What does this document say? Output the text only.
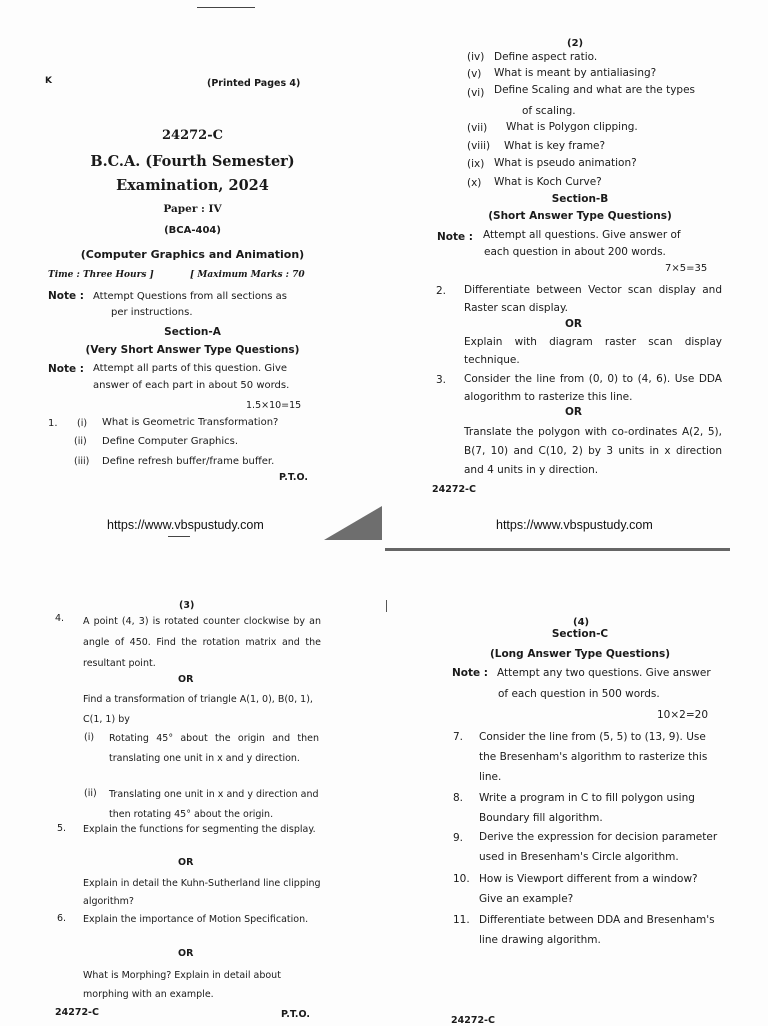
K	(Printed Pages 4)
24272-C
B.C.A. (Fourth Semester)
Examination, 2024
Paper : IV
(BCA-404)
(Computer Graphics and Animation)
Time : Three Hours ]	[ Maximum Marks : 70
Note : Attempt Questions from all sections as
per instructions.
Section-A
(Very Short Answer Type Questions)
Note : Attempt all parts of this question. Give
answer of each part in about 50 words.
1.5×10=15
1. (i) What is Geometric Transformation?
(ii) Define Computer Graphics.
(iii) Define refresh buffer/frame buffer.
P.T.O.
https://www.vbspustudy.com
(2)
(iv) Define aspect ratio.
(v) What is meant by antialiasing?
(vi) Define Scaling and what are the types
of scaling.
(vii) What is Polygon clipping.
(viii) What is key frame?
(ix) What is pseudo animation?
(x) What is Koch Curve?
Section-B
(Short Answer Type Questions)
Note : Attempt all questions. Give answer of
each question in about 200 words.
7×5=35
2. Differentiate between Vector scan display and Raster scan display.
OR
Explain with diagram raster scan display technique.
3. Consider the line from (0, 0) to (4, 6). Use DDA alogorithm to rasterize this line.
OR
Translate the polygon with co-ordinates A(2, 5), B(7, 10) and C(10, 2) by 3 units in x direction and 4 units in y direction.
24272-C
https://www.vbspustudy.com
(3)
4. A point (4, 3) is rotated counter clockwise by an angle of 450. Find the rotation matrix and the resultant point.
OR
Find a transformation of triangle A(1, 0), B(0, 1), C(1, 1) by
(i) Rotating 45° about the origin and then translating one unit in x and y direction.
(ii) Translating one unit in x and y direction and then rotating 45° about the origin.
5. Explain the functions for segmenting the display.
OR
Explain in detail the Kuhn-Sutherland line clipping algorithm?
6. Explain the importance of Motion Specification.
OR
What is Morphing? Explain in detail about morphing with an example.
24272-C	P.T.O.
(4)
Section-C
(Long Answer Type Questions)
Note : Attempt any two questions. Give answer
of each question in 500 words.
10×2=20
7. Consider the line from (5, 5) to (13, 9). Use
the Bresenham's algorithm to rasterize this
line.
8. Write a program in C to fill polygon using
Boundary fill algorithm.
9. Derive the expression for decision parameter
used in Bresenham's Circle algorithm.
10. How is Viewport different from a window?
Give an example?
11. Differentiate between DDA and Bresenham's
line drawing algorithm.
24272-C
